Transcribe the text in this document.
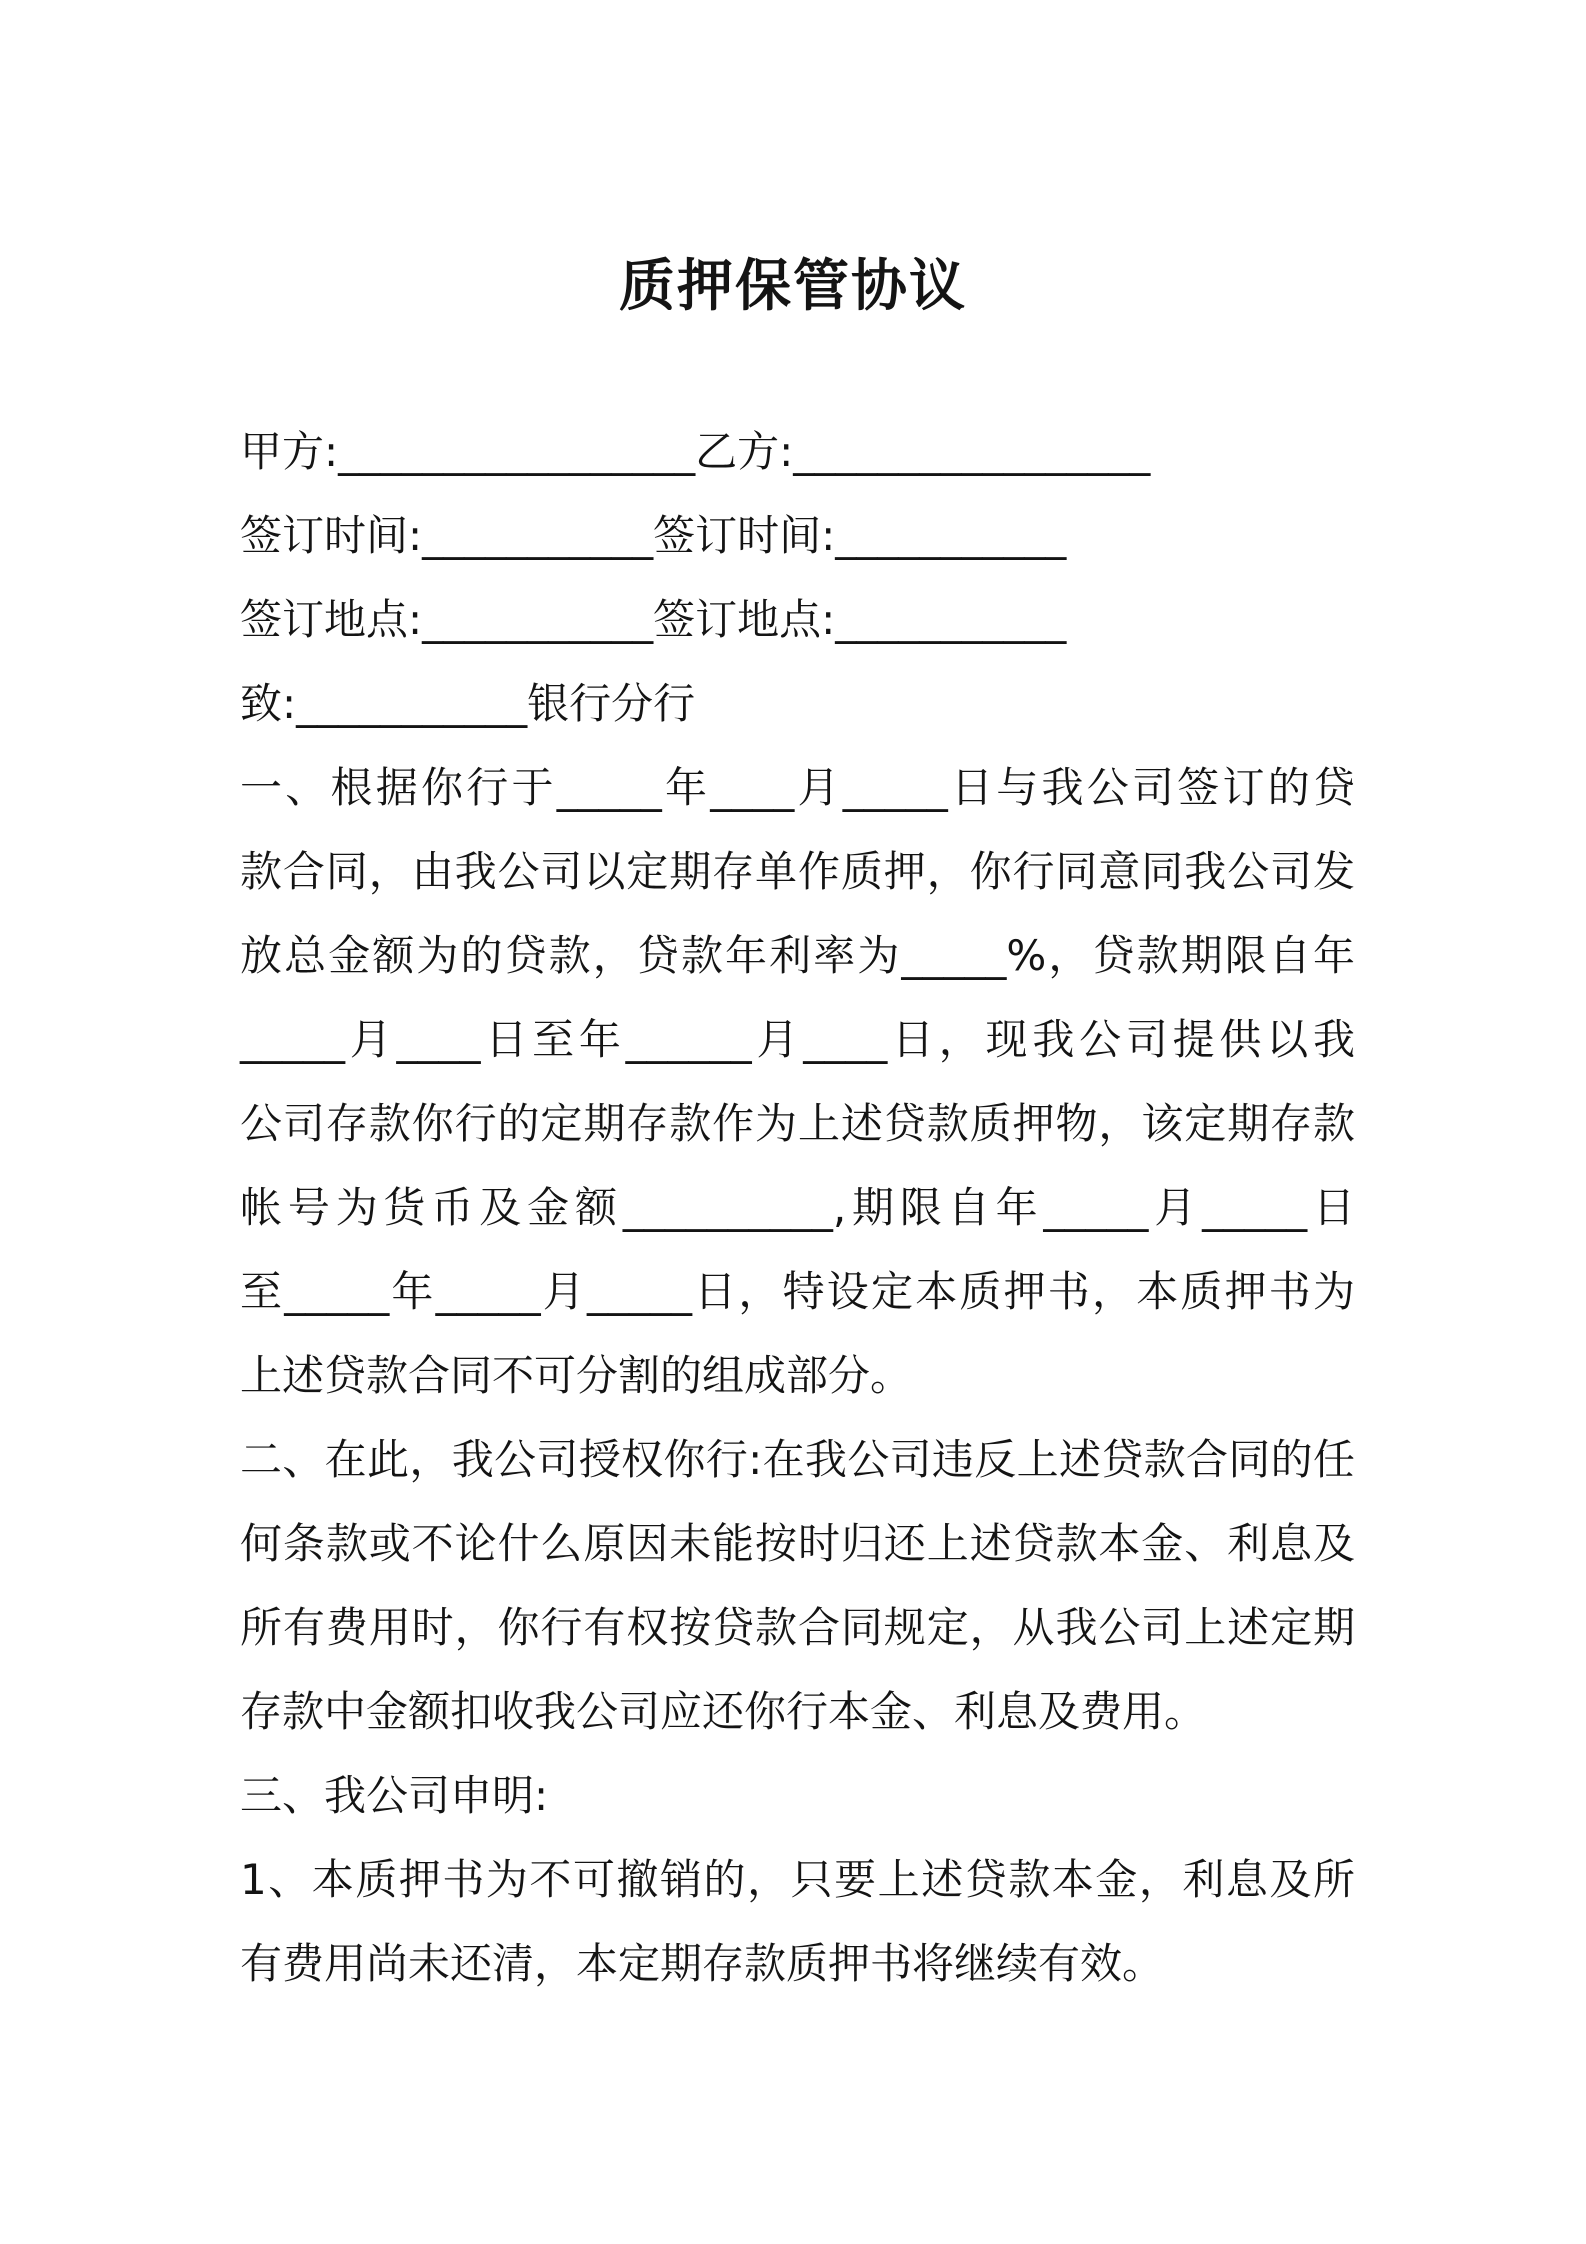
质押保管协议
甲方:_________________乙方:_________________
签订时间:___________签订时间:___________
签订地点:___________签订地点:___________
致:___________银行分行
一、根据你行于_____年____月_____日与我公司签订的贷
款合同，由我公司以定期存单作质押，你行同意同我公司发
放总金额为的贷款，贷款年利率为_____%，贷款期限自年
_____月____日至年______月____日，现我公司提供以我
公司存款你行的定期存款作为上述贷款质押物，该定期存款
帐号为货币及金额__________,期限自年_____月_____日
至_____年_____月_____日，特设定本质押书，本质押书为
上述贷款合同不可分割的组成部分。
二、在此，我公司授权你行:在我公司违反上述贷款合同的任
何条款或不论什么原因未能按时归还上述贷款本金、利息及
所有费用时，你行有权按贷款合同规定，从我公司上述定期
存款中金额扣收我公司应还你行本金、利息及费用。
三、我公司申明:
1、本质押书为不可撤销的，只要上述贷款本金，利息及所
有费用尚未还清，本定期存款质押书将继续有效。
